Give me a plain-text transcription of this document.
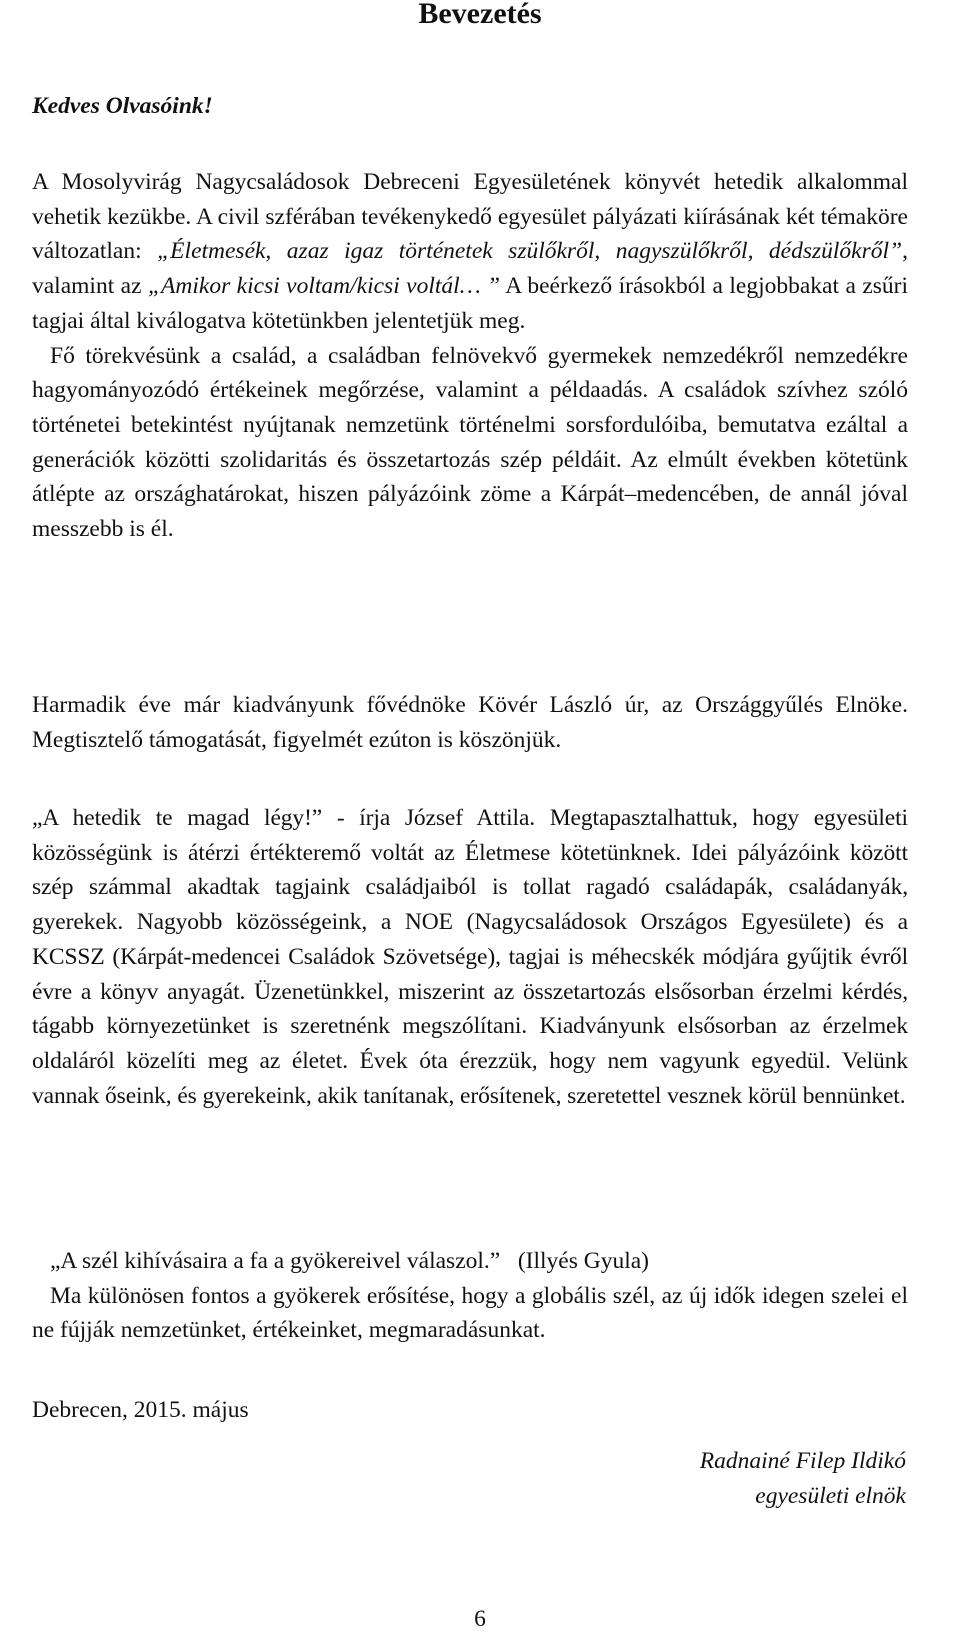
Bevezetés

Kedves Olvasóink!

A Mosolyvirág Nagycsaládosok Debreceni Egyesületének könyvét hetedik alkalommal vehetik kezükbe. A civil szférában tevékenykedő egyesület pályázati kiírásának két témaköre változatlan: „Életmesék, azaz igaz történetek szülőkről, nagyszülőkről, dédszülőkről”, valamint az „Amikor kicsi voltam/kicsi voltál… ” A beérkező írásokból a legjobbakat a zsűri tagjai által kiválogatva kötetünkben jelentetjük meg.

Fő törekvésünk a család, a családban felnövekvő gyermekek nemzedékről nemzedékre hagyományozódó értékeinek megőrzése, valamint a példaadás. A családok szívhez szóló történetei betekintést nyújtanak nemzetünk történelmi sorsfordulóiba, bemutatva ezáltal a generációk közötti szolidaritás és összetartozás szép példáit. Az elmúlt években kötetünk átlépte az országhatárokat, hiszen pályázóink zöme a Kárpát–medencében, de annál jóval messzebb is él.

Harmadik éve már kiadványunk fővédnöke Kövér László úr, az Országgyűlés Elnöke. Megtisztelő támogatását, figyelmét ezúton is köszönjük.

„A hetedik te magad légy!” - írja József Attila. Megtapasztalhattuk, hogy egyesületi közösségünk is átérzi értékteremő voltát az Életmese kötetünknek. Idei pályázóink között szép számmal akadtak tagjaink családjaiból is tollat ragadó családapák, családanyák, gyerekek. Nagyobb közösségeink, a NOE (Nagycsaládosok Országos Egyesülete) és a KCSSZ (Kárpát-medencei Családok Szövetsége), tagjai is méhecskék módjára gyűjtik évről évre a könyv anyagát. Üzenetünkkel, miszerint az összetartozás elsősorban érzelmi kérdés, tágabb környezetünket is szeretnénk megszólítani. Kiadványunk elsősorban az érzelmek oldaláról közelíti meg az életet. Évek óta érezzük, hogy nem vagyunk egyedül. Velünk vannak őseink, és gyerekeink, akik tanítanak, erősítenek, szeretettel vesznek körül bennünket.

„A szél kihívásaira a fa a gyökereivel válaszol.”   (Illyés Gyula)

Ma különösen fontos a gyökerek erősítése, hogy a globális szél, az új idők idegen szelei el ne fújják nemzetünket, értékeinket, megmaradásunkat.

Debrecen, 2015. május

Radnainé Filep Ildikó
egyesületi elnök

6
